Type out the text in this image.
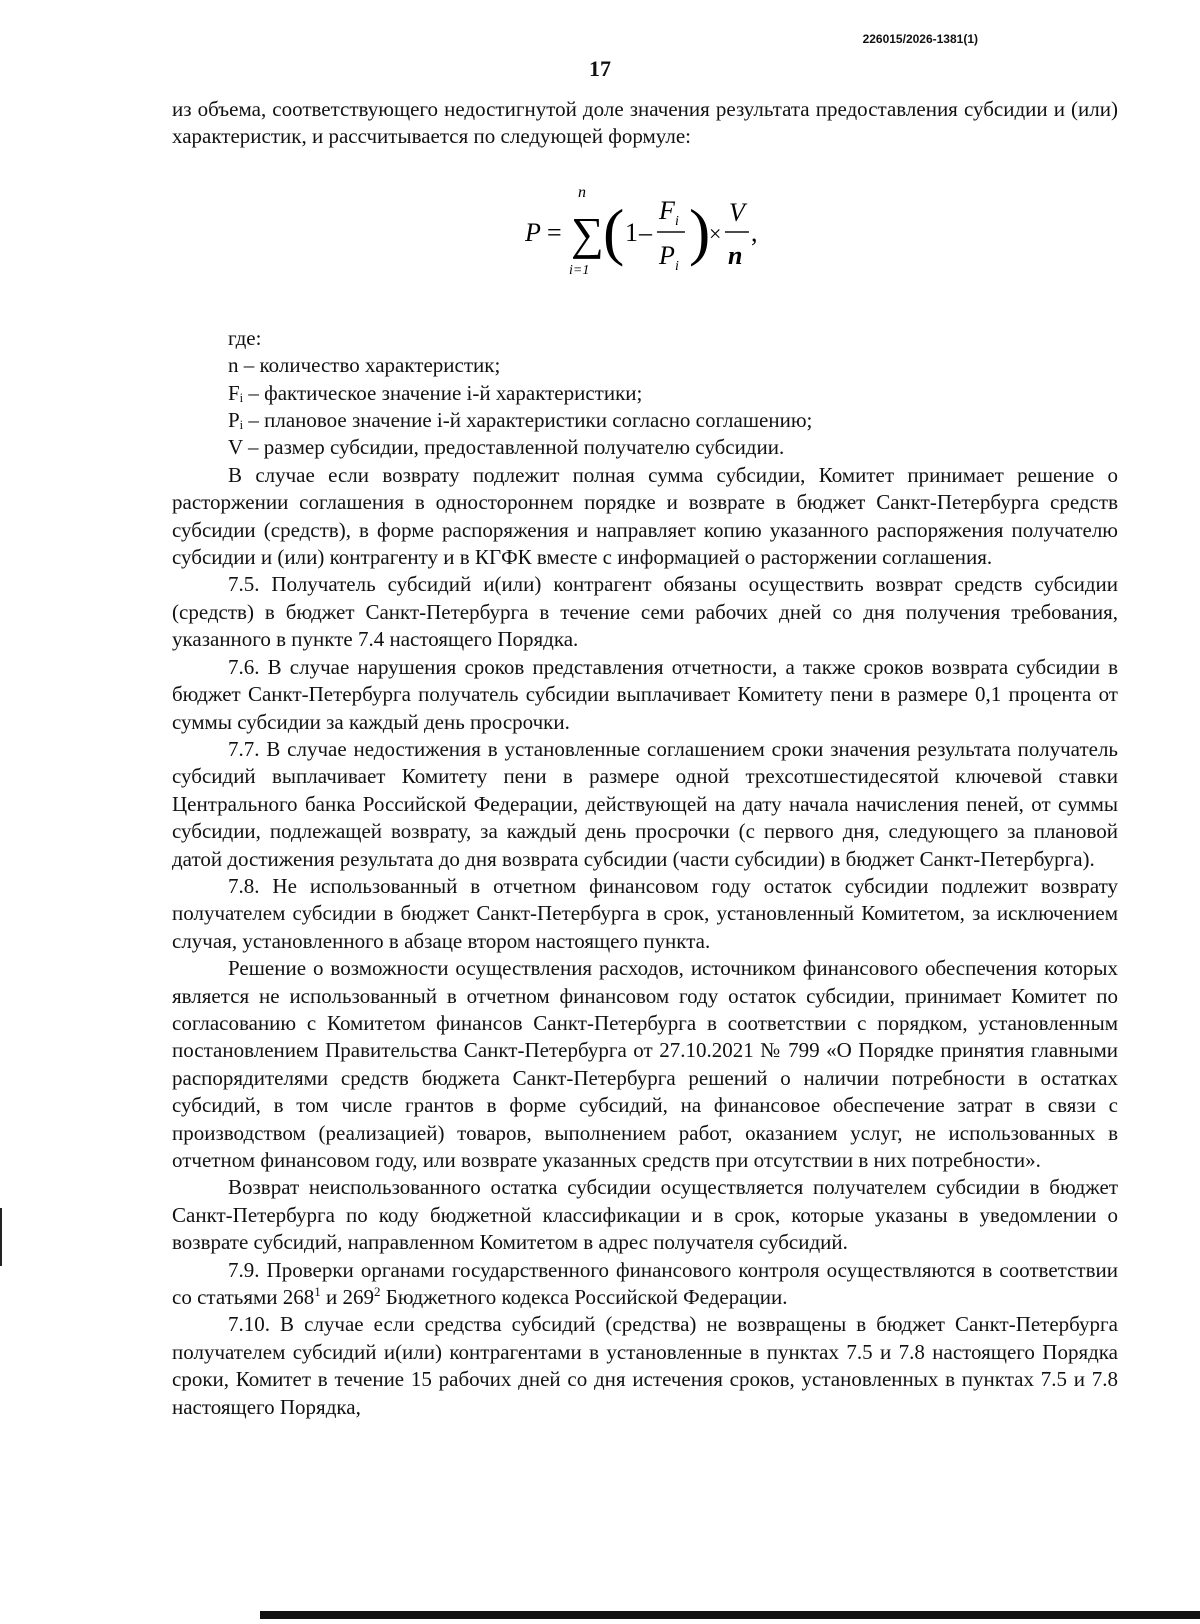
226015/2026-1381(1)
17

из объема, соответствующего недостигнутой доле значения результата предоставления субсидии и (или) характеристик, и рассчитывается по следующей формуле:

P =
n
∑
i=1
( 1 –
F i
P i )
×
V
n
,

где:

n – количество характеристик;

Fᵢ – фактическое значение i-й характеристики;

Pᵢ – плановое значение i-й характеристики согласно соглашению;

V – размер субсидии, предоставленной получателю субсидии.

В случае если возврату подлежит полная сумма субсидии, Комитет принимает решение о расторжении соглашения в одностороннем порядке и возврате в бюджет Санкт-Петербурга средств субсидии (средств), в форме распоряжения и направляет копию указанного распоряжения получателю субсидии и (или) контрагенту и в КГФК вместе с информацией о расторжении соглашения.

7.5. Получатель субсидий и(или) контрагент обязаны осуществить возврат средств субсидии (средств) в бюджет Санкт-Петербурга в течение семи рабочих дней со дня получения требования, указанного в пункте 7.4 настоящего Порядка.

7.6. В случае нарушения сроков представления отчетности, а также сроков возврата субсидии в бюджет Санкт-Петербурга получатель субсидии выплачивает Комитету пени в размере 0,1 процента от суммы субсидии за каждый день просрочки.

7.7. В случае недостижения в установленные соглашением сроки значения результата получатель субсидий выплачивает Комитету пени в размере одной трехсотшестидесятой ключевой ставки Центрального банка Российской Федерации, действующей на дату начала начисления пеней, от суммы субсидии, подлежащей возврату, за каждый день просрочки (с первого дня, следующего за плановой датой достижения результата до дня возврата субсидии (части субсидии) в бюджет Санкт-Петербурга).

7.8. Не использованный в отчетном финансовом году остаток субсидии подлежит возврату получателем субсидии в бюджет Санкт-Петербурга в срок, установленный Комитетом, за исключением случая, установленного в абзаце втором настоящего пункта.

Решение о возможности осуществления расходов, источником финансового обеспечения которых является не использованный в отчетном финансовом году остаток субсидии, принимает Комитет по согласованию с Комитетом финансов Санкт-Петербурга в соответствии с порядком, установленным постановлением Правительства Санкт-Петербурга от 27.10.2021 № 799 «О Порядке принятия главными распорядителями средств бюджета Санкт-Петербурга решений о наличии потребности в остатках субсидий, в том числе грантов в форме субсидий, на финансовое обеспечение затрат в связи с производством (реализацией) товаров, выполнением работ, оказанием услуг, не использованных в отчетном финансовом году, или возврате указанных средств при отсутствии в них потребности».

Возврат неиспользованного остатка субсидии осуществляется получателем субсидии в бюджет Санкт-Петербурга по коду бюджетной классификации и в срок, которые указаны в уведомлении о возврате субсидий, направленном Комитетом в адрес получателя субсидий.

7.9. Проверки органами государственного финансового контроля осуществляются в соответствии со статьями $268^1$ и $269^2$ Бюджетного кодекса Российской Федерации.

7.10. В случае если средства субсидий (средства) не возвращены в бюджет Санкт-Петербурга получателем субсидий и(или) контрагентами в установленные в пунктах 7.5 и 7.8 настоящего Порядка сроки, Комитет в течение 15 рабочих дней со дня истечения сроков, установленных в пунктах 7.5 и 7.8 настоящего Порядка,
